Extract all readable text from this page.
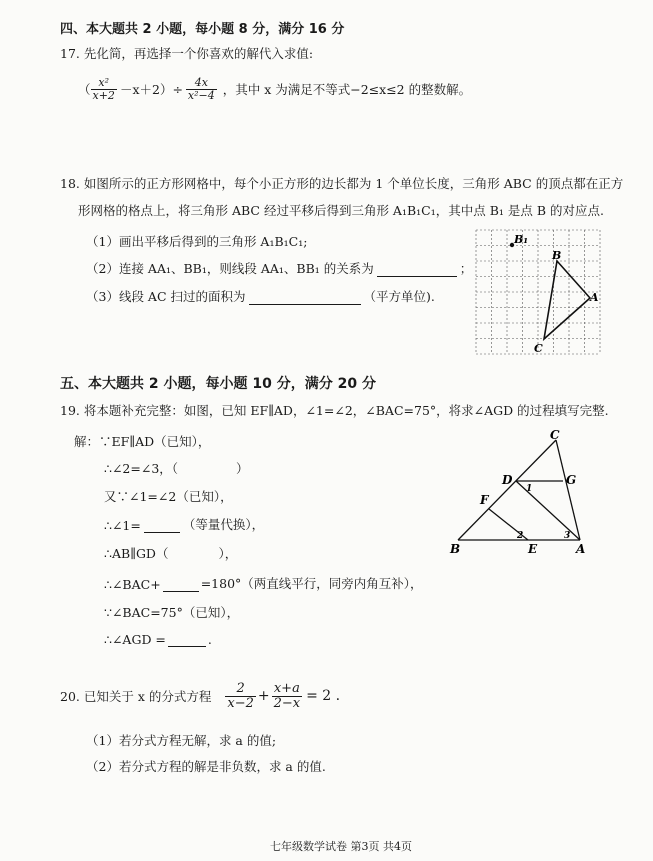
四、本大题共 2 小题，每小题 8 分，满分 16 分
17. 先化简，再选择一个你喜欢的解代入求值:
（ $\frac{\text{x²}}{x+2} -x+2)\div \frac{4x}{\text{x²−4}}$ ，其中 x 为满足不等式−2≤x≤2 的整数解。
18. 如图所示的正方形网格中，每个小正方形的边长都为 1 个单位长度，三角形 ABC 的顶点都在正方
形网格的格点上，将三角形 ABC 经过平移后得到三角形 A₁B₁C₁，其中点 B₁ 是点 B 的对应点.
（1）画出平移后得到的三角形 A₁B₁C₁;
（2）连接 AA₁、BB₁，则线段 AA₁、BB₁ 的关系为	；
（3）线段 AC 扫过的面积为	（平方单位).
B₁
B
A
C
五、本大题共 2 小题，每小题 10 分，满分 20 分
19. 将本题补充完整：如图，已知 EF∥AD，∠1=∠2，∠BAC=75°，将求∠AGD 的过程填写完整.
解：∵EF∥AD（已知），
∴∠2=∠3，（	）
又∵∠1=∠2（已知），
∴∠1=	（等量代换），
∴AB∥GD（	），
∴∠BAC+	=180°（两直线平行，同旁内角互补），
∵∠BAC=75°（已知），
∴∠AGD =	.
C
D	G
F
B	E	A
1
2	3
20. 已知关于 x 的分式方程 $\frac{2}{x-2} + \frac{x+a}{2-x} = 2$ .
（1）若分式方程无解，求 a 的值;
（2）若分式方程的解是非负数，求 a 的值.
七年级数学试卷 第3页 共4页
